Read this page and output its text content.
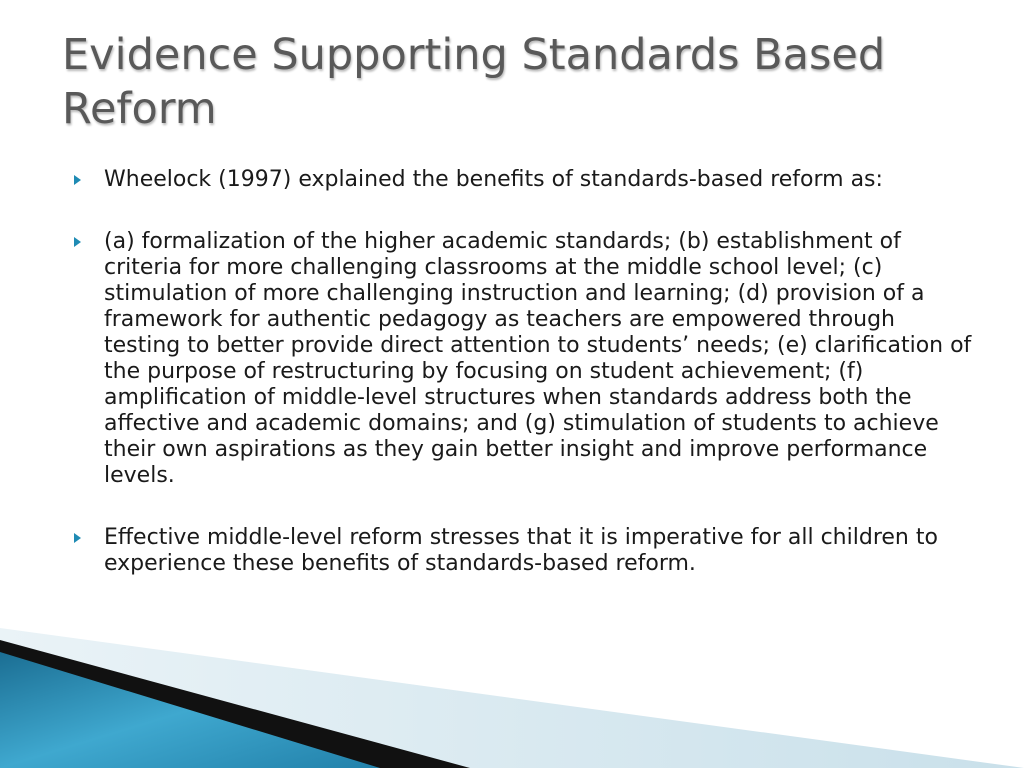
Evidence Supporting Standards Based Reform
Wheelock (1997) explained the benefits of standards-based reform as:
(a) formalization of the higher academic standards; (b) establishment of criteria for more challenging classrooms at the middle school level; (c) stimulation of more challenging instruction and learning; (d) provision of a framework for authentic pedagogy as teachers are empowered through testing to better provide direct attention to students’ needs; (e) clarification of the purpose of restructuring by focusing on student achievement; (f) amplification of middle-level structures when standards address both the affective and academic domains; and (g) stimulation of students to achieve their own aspirations as they gain better insight and improve performance levels.
Effective middle-level reform stresses that it is imperative for all children to experience these benefits of standards-based reform.
